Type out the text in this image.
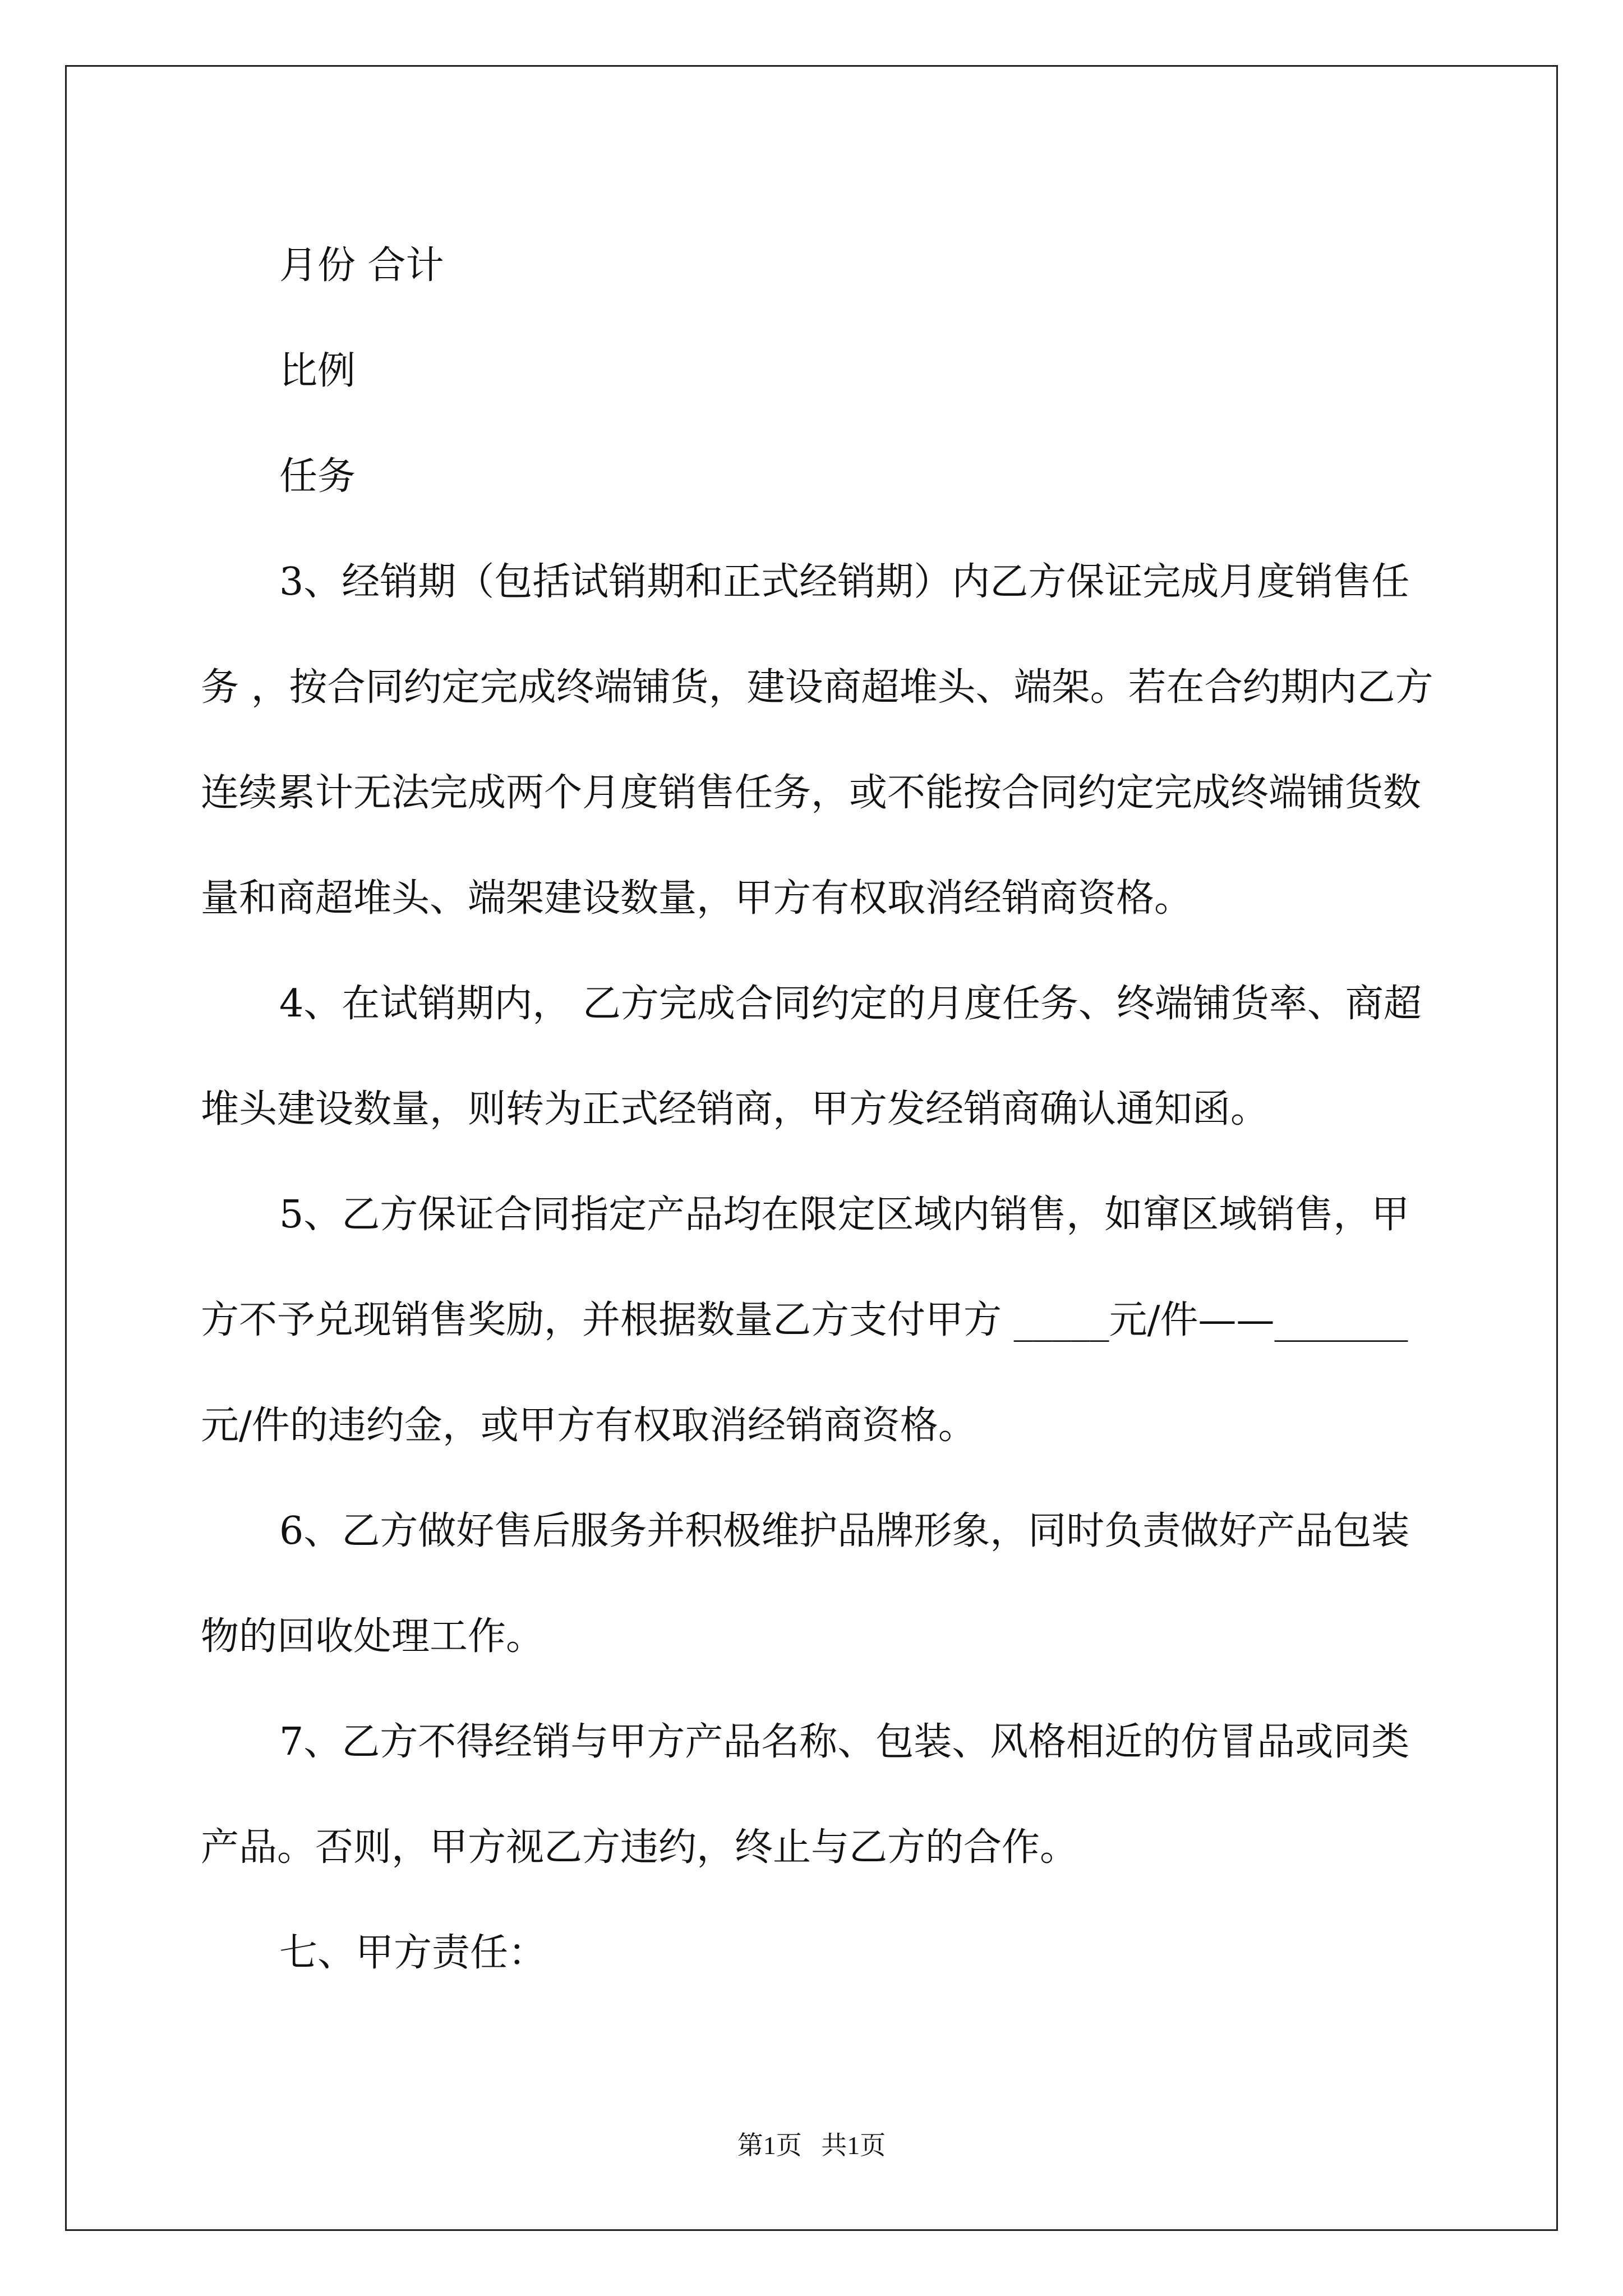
月份 合计

比例

任务

3、经销期（包括试销期和正式经销期）内乙方保证完成月度销售任务 ，按合同约定完成终端铺货，建设商超堆头、端架。若在合约期内乙方连续累计无法完成两个月度销售任务，或不能按合同约定完成终端铺货数量和商超堆头、端架建设数量，甲方有权取消经销商资格。

4、在试销期内， 乙方完成合同约定的月度任务、终端铺货率、商超堆头建设数量，则转为正式经销商，甲方发经销商确认通知函。

5、乙方保证合同指定产品均在限定区域内销售，如窜区域销售，甲方不予兑现销售奖励，并根据数量乙方支付甲方 _____元/件——_______元/件的违约金，或甲方有权取消经销商资格。

6、乙方做好售后服务并积极维护品牌形象，同时负责做好产品包装物的回收处理工作。

7、乙方不得经销与甲方产品名称、包装、风格相近的仿冒品或同类产品。否则，甲方视乙方违约，终止与乙方的合作。

七、甲方责任：

第1页   共1页
